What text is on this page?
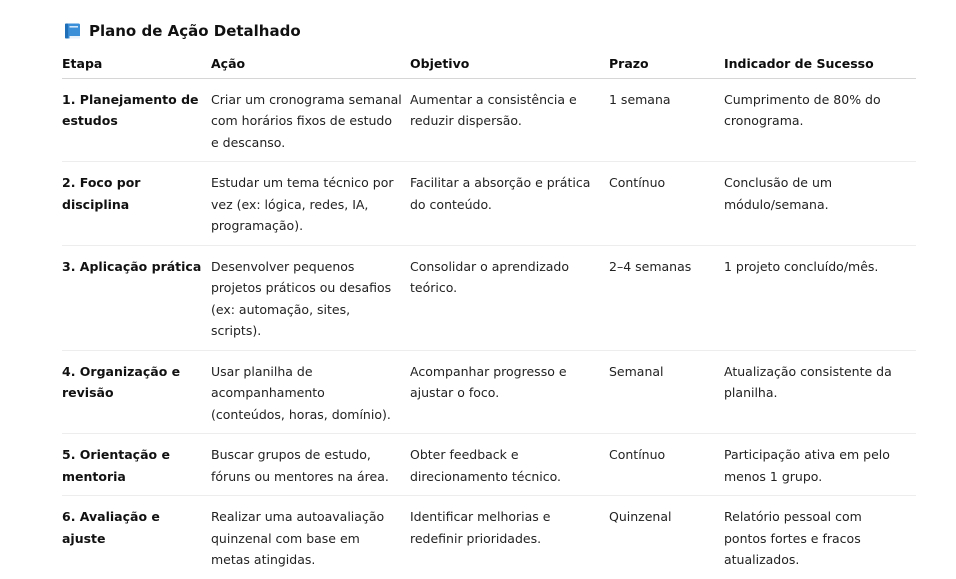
Plano de Ação Detalhado
Etapa	Ação	Objetivo	Prazo	Indicador de Sucesso
1. Planejamento de estudos	Criar um cronograma semanal com horários fixos de estudo e descanso.	Aumentar a consistência e reduzir dispersão.	1 semana	Cumprimento de 80% do cronograma.
2. Foco por disciplina	Estudar um tema técnico por vez (ex: lógica, redes, IA, programação).	Facilitar a absorção e prática do conteúdo.	Contínuo	Conclusão de um módulo/semana.
3. Aplicação prática	Desenvolver pequenos projetos práticos ou desafios (ex: automação, sites, scripts).	Consolidar o aprendizado teórico.	2–4 semanas	1 projeto concluído/mês.
4. Organização e revisão	Usar planilha de acompanhamento (conteúdos, horas, domínio).	Acompanhar progresso e ajustar o foco.	Semanal	Atualização consistente da planilha.
5. Orientação e mentoria	Buscar grupos de estudo, fóruns ou mentores na área.	Obter feedback e direcionamento técnico.	Contínuo	Participação ativa em pelo menos 1 grupo.
6. Avaliação e ajuste	Realizar uma autoavaliação quinzenal com base em metas atingidas.	Identificar melhorias e redefinir prioridades.	Quinzenal	Relatório pessoal com pontos fortes e fracos atualizados.
